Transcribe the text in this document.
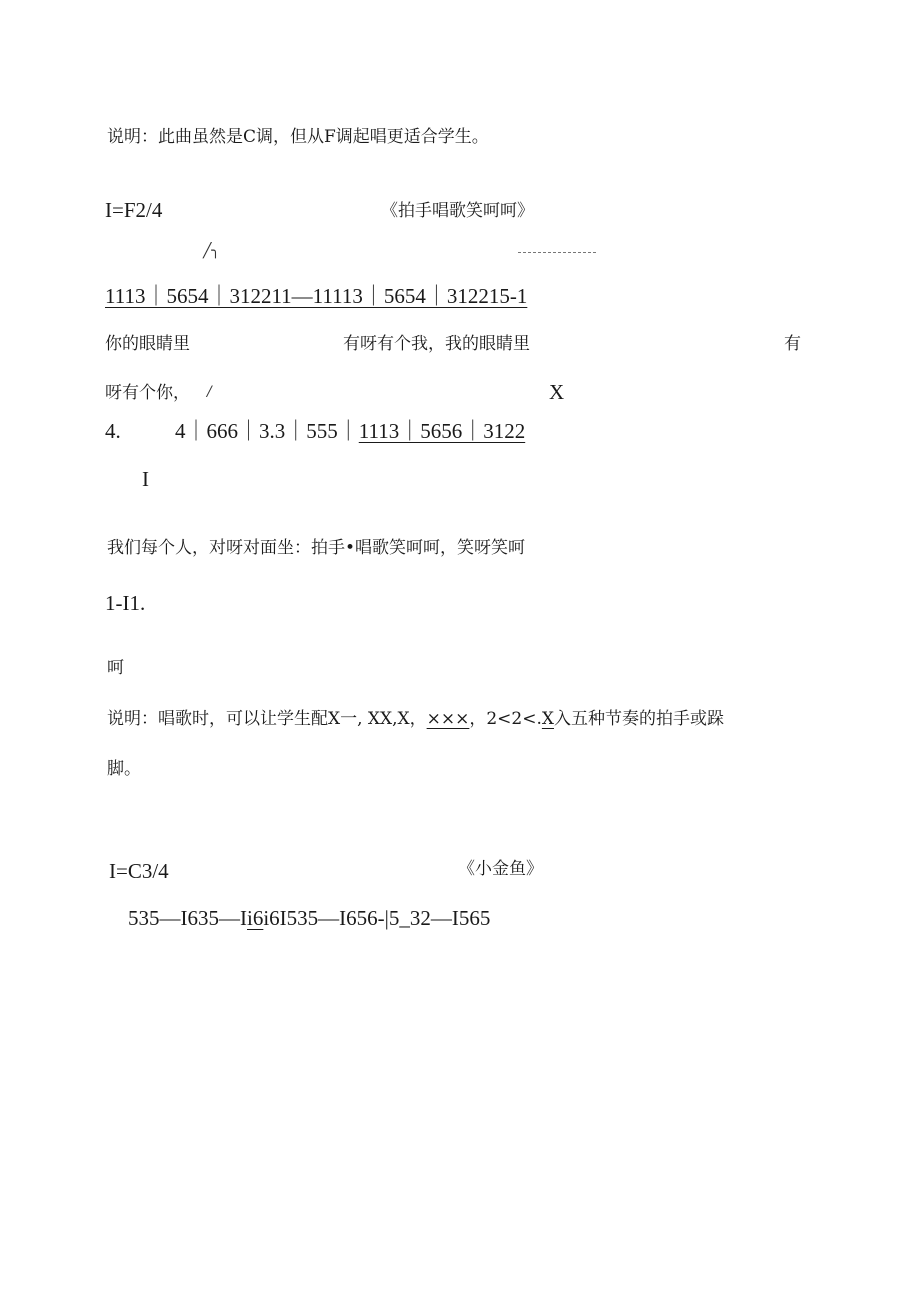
说明：此曲虽然是C调，但从F调起唱更适合学生。
I=F2/4	《拍手唱歌笑呵呵》
╱╮
1113｜5654｜312211—11113｜5654｜312215-1
你的眼睛里	有呀有个我，我的眼睛里	有
呀有个你， /	X
4.	4｜666｜3.3｜555｜1113｜5656｜3122
I
我们每个人，对呀对面坐：拍手•唱歌笑呵呵，笑呀笑呵
1-I1.
呵
说明：唱歌时，可以让学生配X一, XX,X，×××，2<2<.X入五种节奏的拍手或跺
脚。
I=C3/4	《小金鱼》
535—I635—Ii6i6I535—I656-|5_32—I565
